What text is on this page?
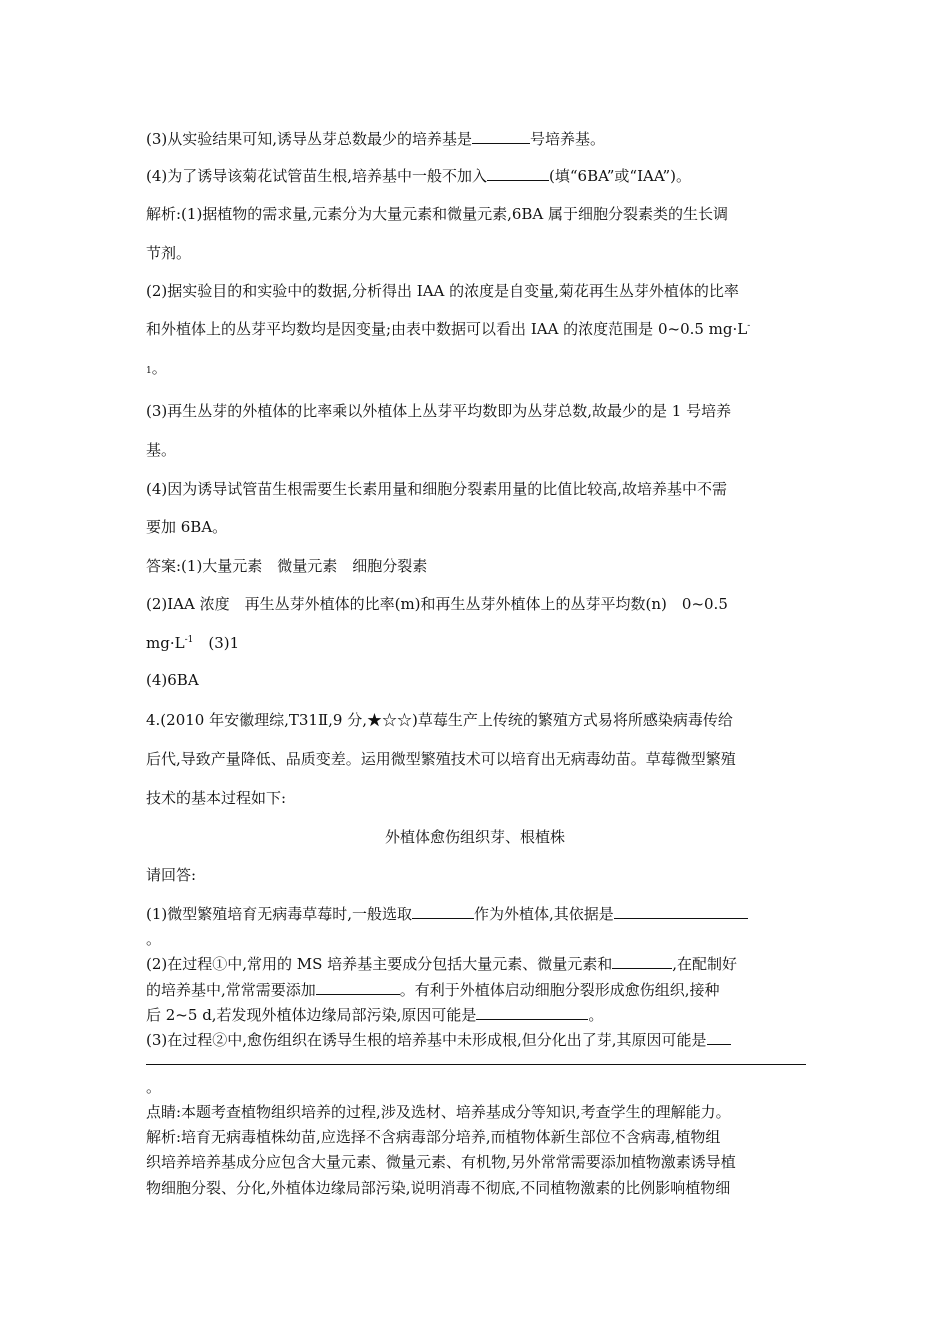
(3)从实验结果可知,诱导丛芽总数最少的培养基是	号培养基。
(4)为了诱导该菊花试管苗生根,培养基中一般不加入	(填“6BA”或“IAA”)。
解析:(1)据植物的需求量,元素分为大量元素和微量元素,6BA 属于细胞分裂素类的生长调
节剂。
(2)据实验目的和实验中的数据,分析得出 IAA 的浓度是自变量,菊花再生丛芽外植体的比率
和外植体上的丛芽平均数均是因变量;由表中数据可以看出 IAA 的浓度范围是 0~0.5 mg·L-
1。
(3)再生丛芽的外植体的比率乘以外植体上丛芽平均数即为丛芽总数,故最少的是 1 号培养
基。
(4)因为诱导试管苗生根需要生长素用量和细胞分裂素用量的比值比较高,故培养基中不需
要加 6BA。
答案:(1)大量元素　微量元素　细胞分裂素
(2)IAA 浓度　再生丛芽外植体的比率(m)和再生丛芽外植体上的丛芽平均数(n)　0~0.5
$mg\cdot L^{-1}$　(3)1
(4)6BA
4.(2010 年安徽理综,T31Ⅱ,9 分,★☆☆)草莓生产上传统的繁殖方式易将所感染病毒传给
后代,导致产量降低、品质变差。运用微型繁殖技术可以培育出无病毒幼苗。草莓微型繁殖
技术的基本过程如下:
外植体愈伤组织芽、根植株
请回答:
(1)微型繁殖培育无病毒草莓时,一般选取	作为外植体,其依据是
。
(2)在过程①中,常用的 MS 培养基主要成分包括大量元素、微量元素和	,在配制好
的培养基中,常常需要添加	。有利于外植体启动细胞分裂形成愈伤组织,接种
后 2~5 d,若发现外植体边缘局部污染,原因可能是	。
(3)在过程②中,愈伤组织在诱导生根的培养基中未形成根,但分化出了芽,其原因可能是
。
点睛:本题考查植物组织培养的过程,涉及选材、培养基成分等知识,考查学生的理解能力。
解析:培育无病毒植株幼苗,应选择不含病毒部分培养,而植物体新生部位不含病毒,植物组
织培养培养基成分应包含大量元素、微量元素、有机物,另外常常需要添加植物激素诱导植
物细胞分裂、分化,外植体边缘局部污染,说明消毒不彻底,不同植物激素的比例影响植物细
